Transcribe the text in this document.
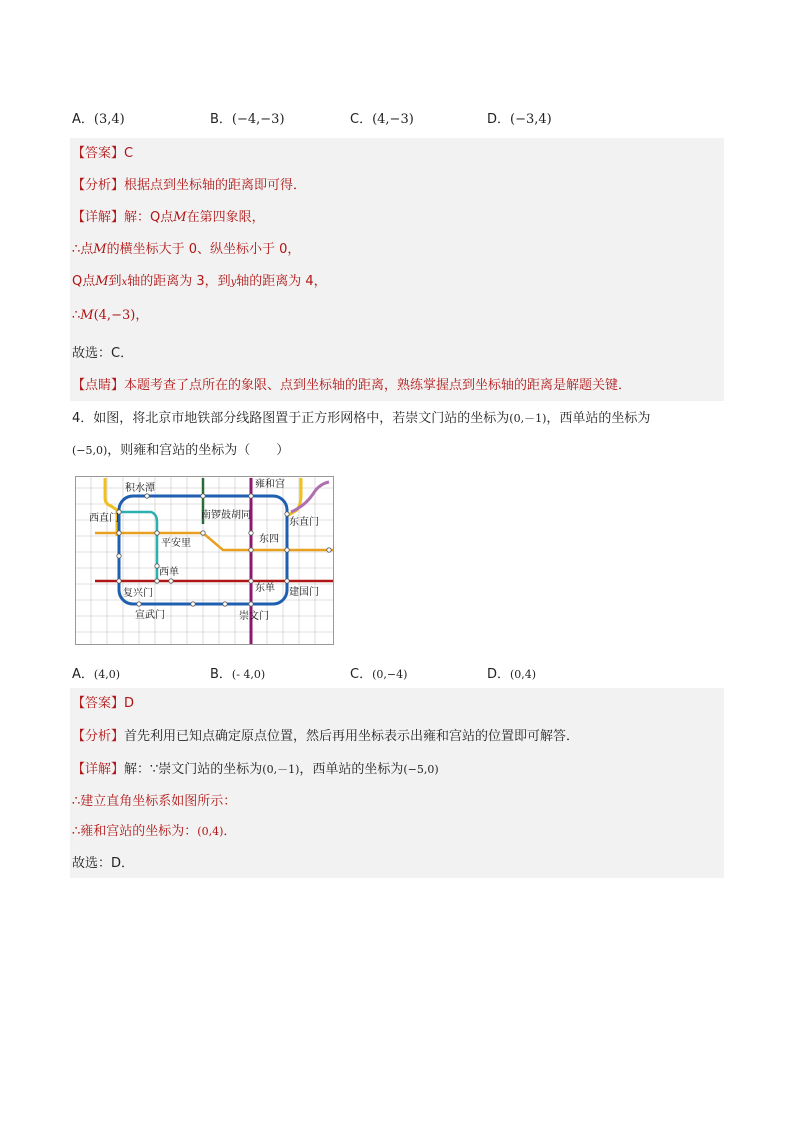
A．(3,4)	B．(−4,−3)	C．(4,−3)	D．(−3,4)
【答案】C
【分析】根据点到坐标轴的距离即可得．
【详解】解：Q点M在第四象限，
∴点M的横坐标大于 0、纵坐标小于 0，
Q点M到x轴的距离为 3，到y轴的距离为 4，
∴M(4,−3)，
故选：C．
【点睛】本题考查了点所在的象限、点到坐标轴的距离，熟练掌握点到坐标轴的距离是解题关键．
4．如图，将北京市地铁部分线路图置于正方形网格中，若崇文门站的坐标为(0,－1)，西单站的坐标为
(−5,0)，则雍和宫站的坐标为（　　）
积水潭	雍和宫
西直门	东直门
南锣鼓胡同
平安里	东四
西单
东单 建国门
复兴门
宣武门	崇文门
A．(4,0)	B．(- 4,0)	C．(0,−4)	D．(0,4)
【答案】D
【分析】首先利用已知点确定原点位置，然后再用坐标表示出雍和宫站的位置即可解答．
【详解】解：∵崇文门站的坐标为(0,－1)，西单站的坐标为(−5,0)
∴建立直角坐标系如图所示：
∴雍和宫站的坐标为：(0,4)．
故选：D．
